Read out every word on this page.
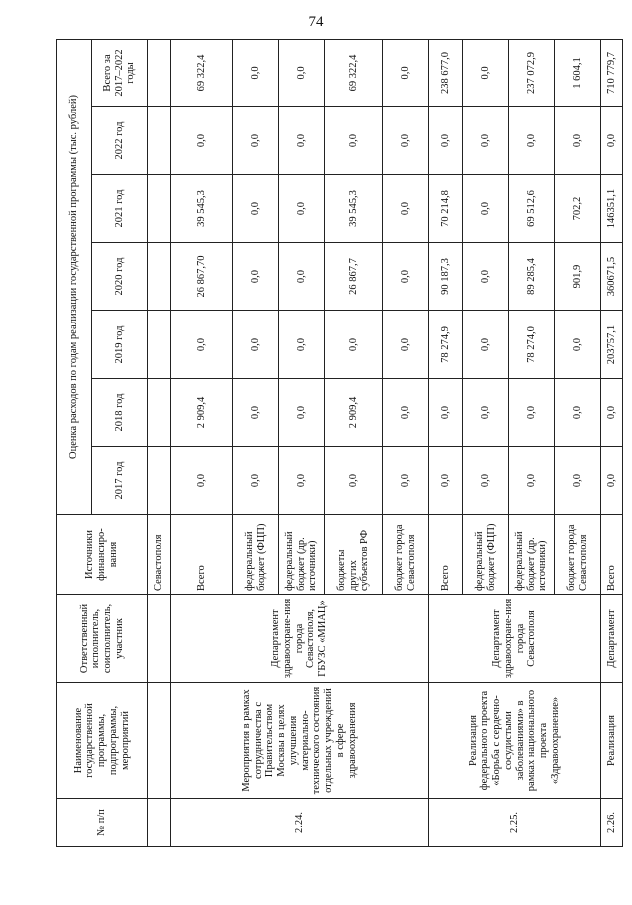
74
№ п/п	Наименование государственной программы, подпрограммы, мероприятий	Ответственный исполнитель, соисполнитель, участник	Источники финансиро-вания	Оценка расходов по годам реализации государственной программы (тыс. рублей)						
				2017 год	2018 год	2019 год	2020 год	2021 год	2022 год	Всего за 2017–2022 годы
			Севастополя							
2.24.	Мероприятия в рамках сотрудничества с Правительством Москвы в целях улучшения материально-технического состояния отдельных учреждений в сфере здравоохранения	Департамент здравоохране-ния города Севастополя, ГБУЗС «МИАЦ»	Всего	0,0	2 909,4	0,0	26 867,70	39 545,3	0,0	69 322,4
			федеральный бюджет (ФЦП)	0,0	0,0	0,0	0,0	0,0	0,0	0,0
			федеральный бюджет (др. источники)	0,0	0,0	0,0	0,0	0,0	0,0	0,0
			бюджеты других субъектов РФ	0,0	2 909,4	0,0	26 867,7	39 545,3	0,0	69 322,4
			бюджет города Севастополя	0,0	0,0	0,0	0,0	0,0	0,0	0,0
2.25.	Реализация федерального проекта «Борьба с сердечно-сосудистыми заболеваниями» в рамках национального проекта «Здравоохранение»	Департамент здравоохране-ния города Севастополя	Всего	0,0	0,0	78 274,9	90 187,3	70 214,8	0,0	238 677,0
			федеральный бюджет (ФЦП)	0,0	0,0	0,0	0,0	0,0	0,0	0,0
			федеральный бюджет (др. источники)	0,0	0,0	78 274,0	89 285,4	69 512,6	0,0	237 072,9
			бюджет города Севастополя	0,0	0,0	0,0	901,9	702,2	0,0	1 604,1
2.26.	Реализация	Департамент	Всего	0,0	0,0	203757,1	360671,5	146351,1	0,0	710 779,7
